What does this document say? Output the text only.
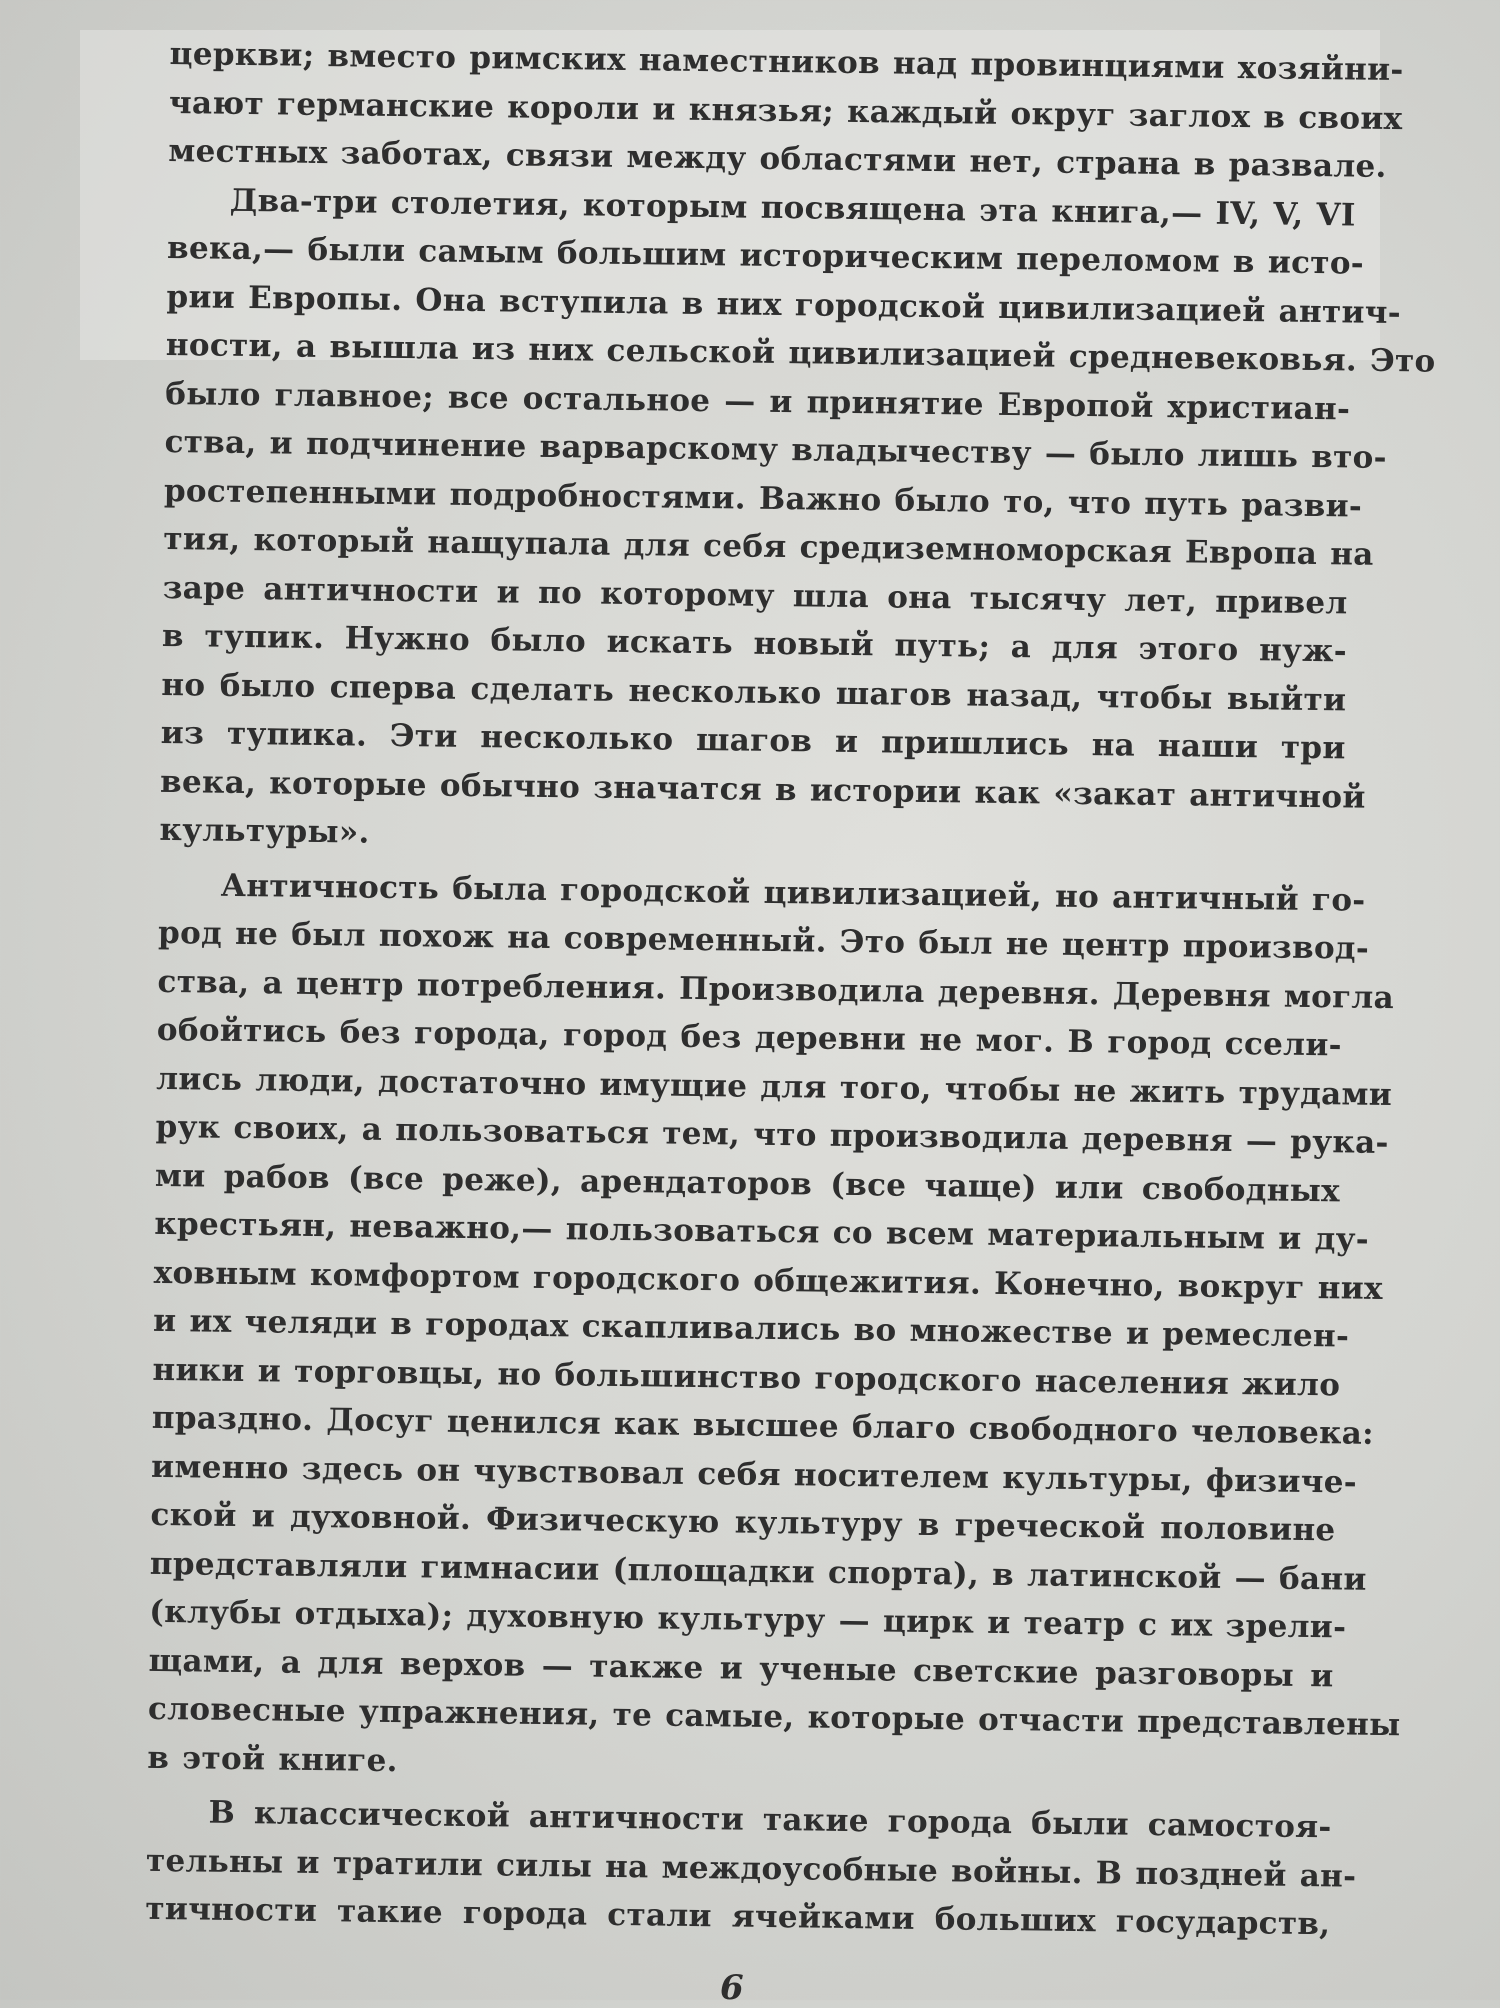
церкви; вместо римских наместников над провинциями хозяйни-
чают германские короли и князья; каждый округ заглох в своих
местных заботах, связи между областями нет, страна в развале.
Два-три столетия, которым посвящена эта книга,— IV, V, VI
века,— были самым большим историческим переломом в исто-
рии Европы. Она вступила в них городской цивилизацией антич-
ности, а вышла из них сельской цивилизацией средневековья. Это
было главное; все остальное — и принятие Европой христиан-
ства, и подчинение варварскому владычеству — было лишь вто-
ростепенными подробностями. Важно было то, что путь разви-
тия, который нащупала для себя средиземноморская Европа на
заре античности и по которому шла она тысячу лет, привел
в тупик. Нужно было искать новый путь; а для этого нуж-
но было сперва сделать несколько шагов назад, чтобы выйти
из тупика. Эти несколько шагов и пришлись на наши три
века, которые обычно значатся в истории как «закат античной
культуры».
Античность была городской цивилизацией, но античный го-
род не был похож на современный. Это был не центр производ-
ства, а центр потребления. Производила деревня. Деревня могла
обойтись без города, город без деревни не мог. В город ссели-
лись люди, достаточно имущие для того, чтобы не жить трудами
рук своих, а пользоваться тем, что производила деревня — рука-
ми рабов (все реже), арендаторов (все чаще) или свободных
крестьян, неважно,— пользоваться со всем материальным и ду-
ховным комфортом городского общежития. Конечно, вокруг них
и их челяди в городах скапливались во множестве и ремеслен-
ники и торговцы, но большинство городского населения жило
праздно. Досуг ценился как высшее благо свободного человека:
именно здесь он чувствовал себя носителем культуры, физиче-
ской и духовной. Физическую культуру в греческой половине
представляли гимнасии (площадки спорта), в латинской — бани
(клубы отдыха); духовную культуру — цирк и театр с их зрели-
щами, а для верхов — также и ученые светские разговоры и
словесные упражнения, те самые, которые отчасти представлены
в этой книге.
В классической античности такие города были самостоя-
тельны и тратили силы на междоусобные войны. В поздней ан-
тичности такие города стали ячейками больших государств,
6
